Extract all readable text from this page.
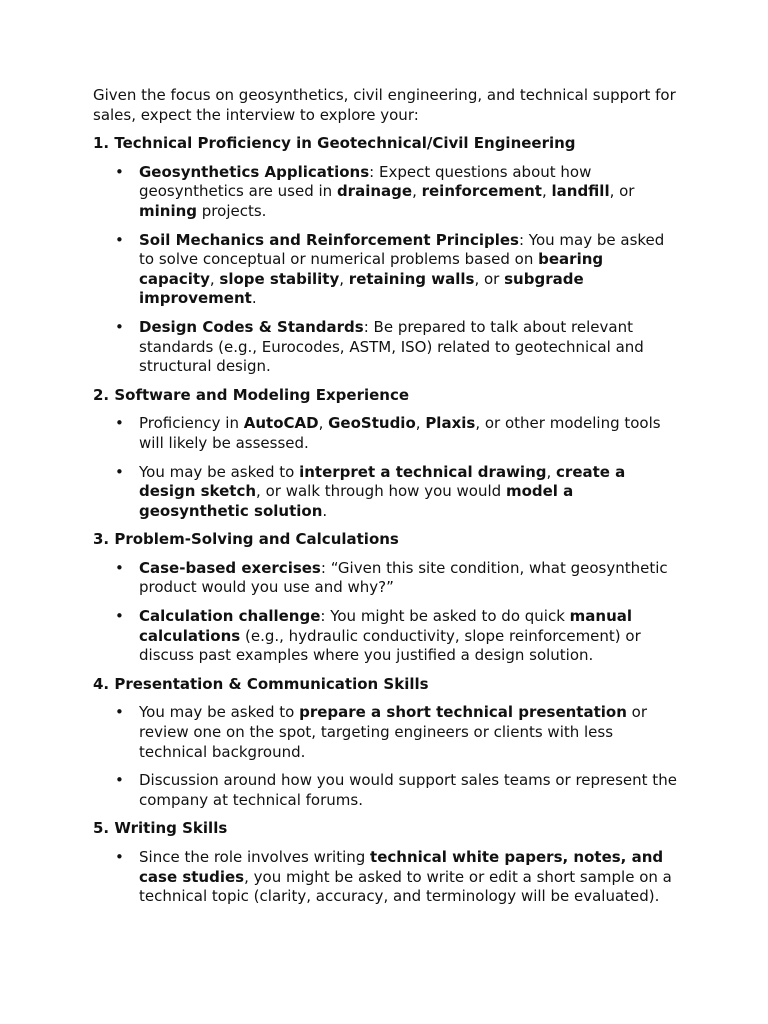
Given the focus on geosynthetics, civil engineering, and technical support for sales, expect the interview to explore your:

1. Technical Proficiency in Geotechnical/Civil Engineering

• Geosynthetics Applications: Expect questions about how geosynthetics are used in drainage, reinforcement, landfill, or mining projects.
• Soil Mechanics and Reinforcement Principles: You may be asked to solve conceptual or numerical problems based on bearing capacity, slope stability, retaining walls, or subgrade improvement.
• Design Codes & Standards: Be prepared to talk about relevant standards (e.g., Eurocodes, ASTM, ISO) related to geotechnical and structural design.

2. Software and Modeling Experience

• Proficiency in AutoCAD, GeoStudio, Plaxis, or other modeling tools will likely be assessed.
• You may be asked to interpret a technical drawing, create a design sketch, or walk through how you would model a geosynthetic solution.

3. Problem-Solving and Calculations

• Case-based exercises: “Given this site condition, what geosynthetic product would you use and why?”
• Calculation challenge: You might be asked to do quick manual calculations (e.g., hydraulic conductivity, slope reinforcement) or discuss past examples where you justified a design solution.

4. Presentation & Communication Skills

• You may be asked to prepare a short technical presentation or review one on the spot, targeting engineers or clients with less technical background.
• Discussion around how you would support sales teams or represent the company at technical forums.

5. Writing Skills

• Since the role involves writing technical white papers, notes, and case studies, you might be asked to write or edit a short sample on a technical topic (clarity, accuracy, and terminology will be evaluated).
